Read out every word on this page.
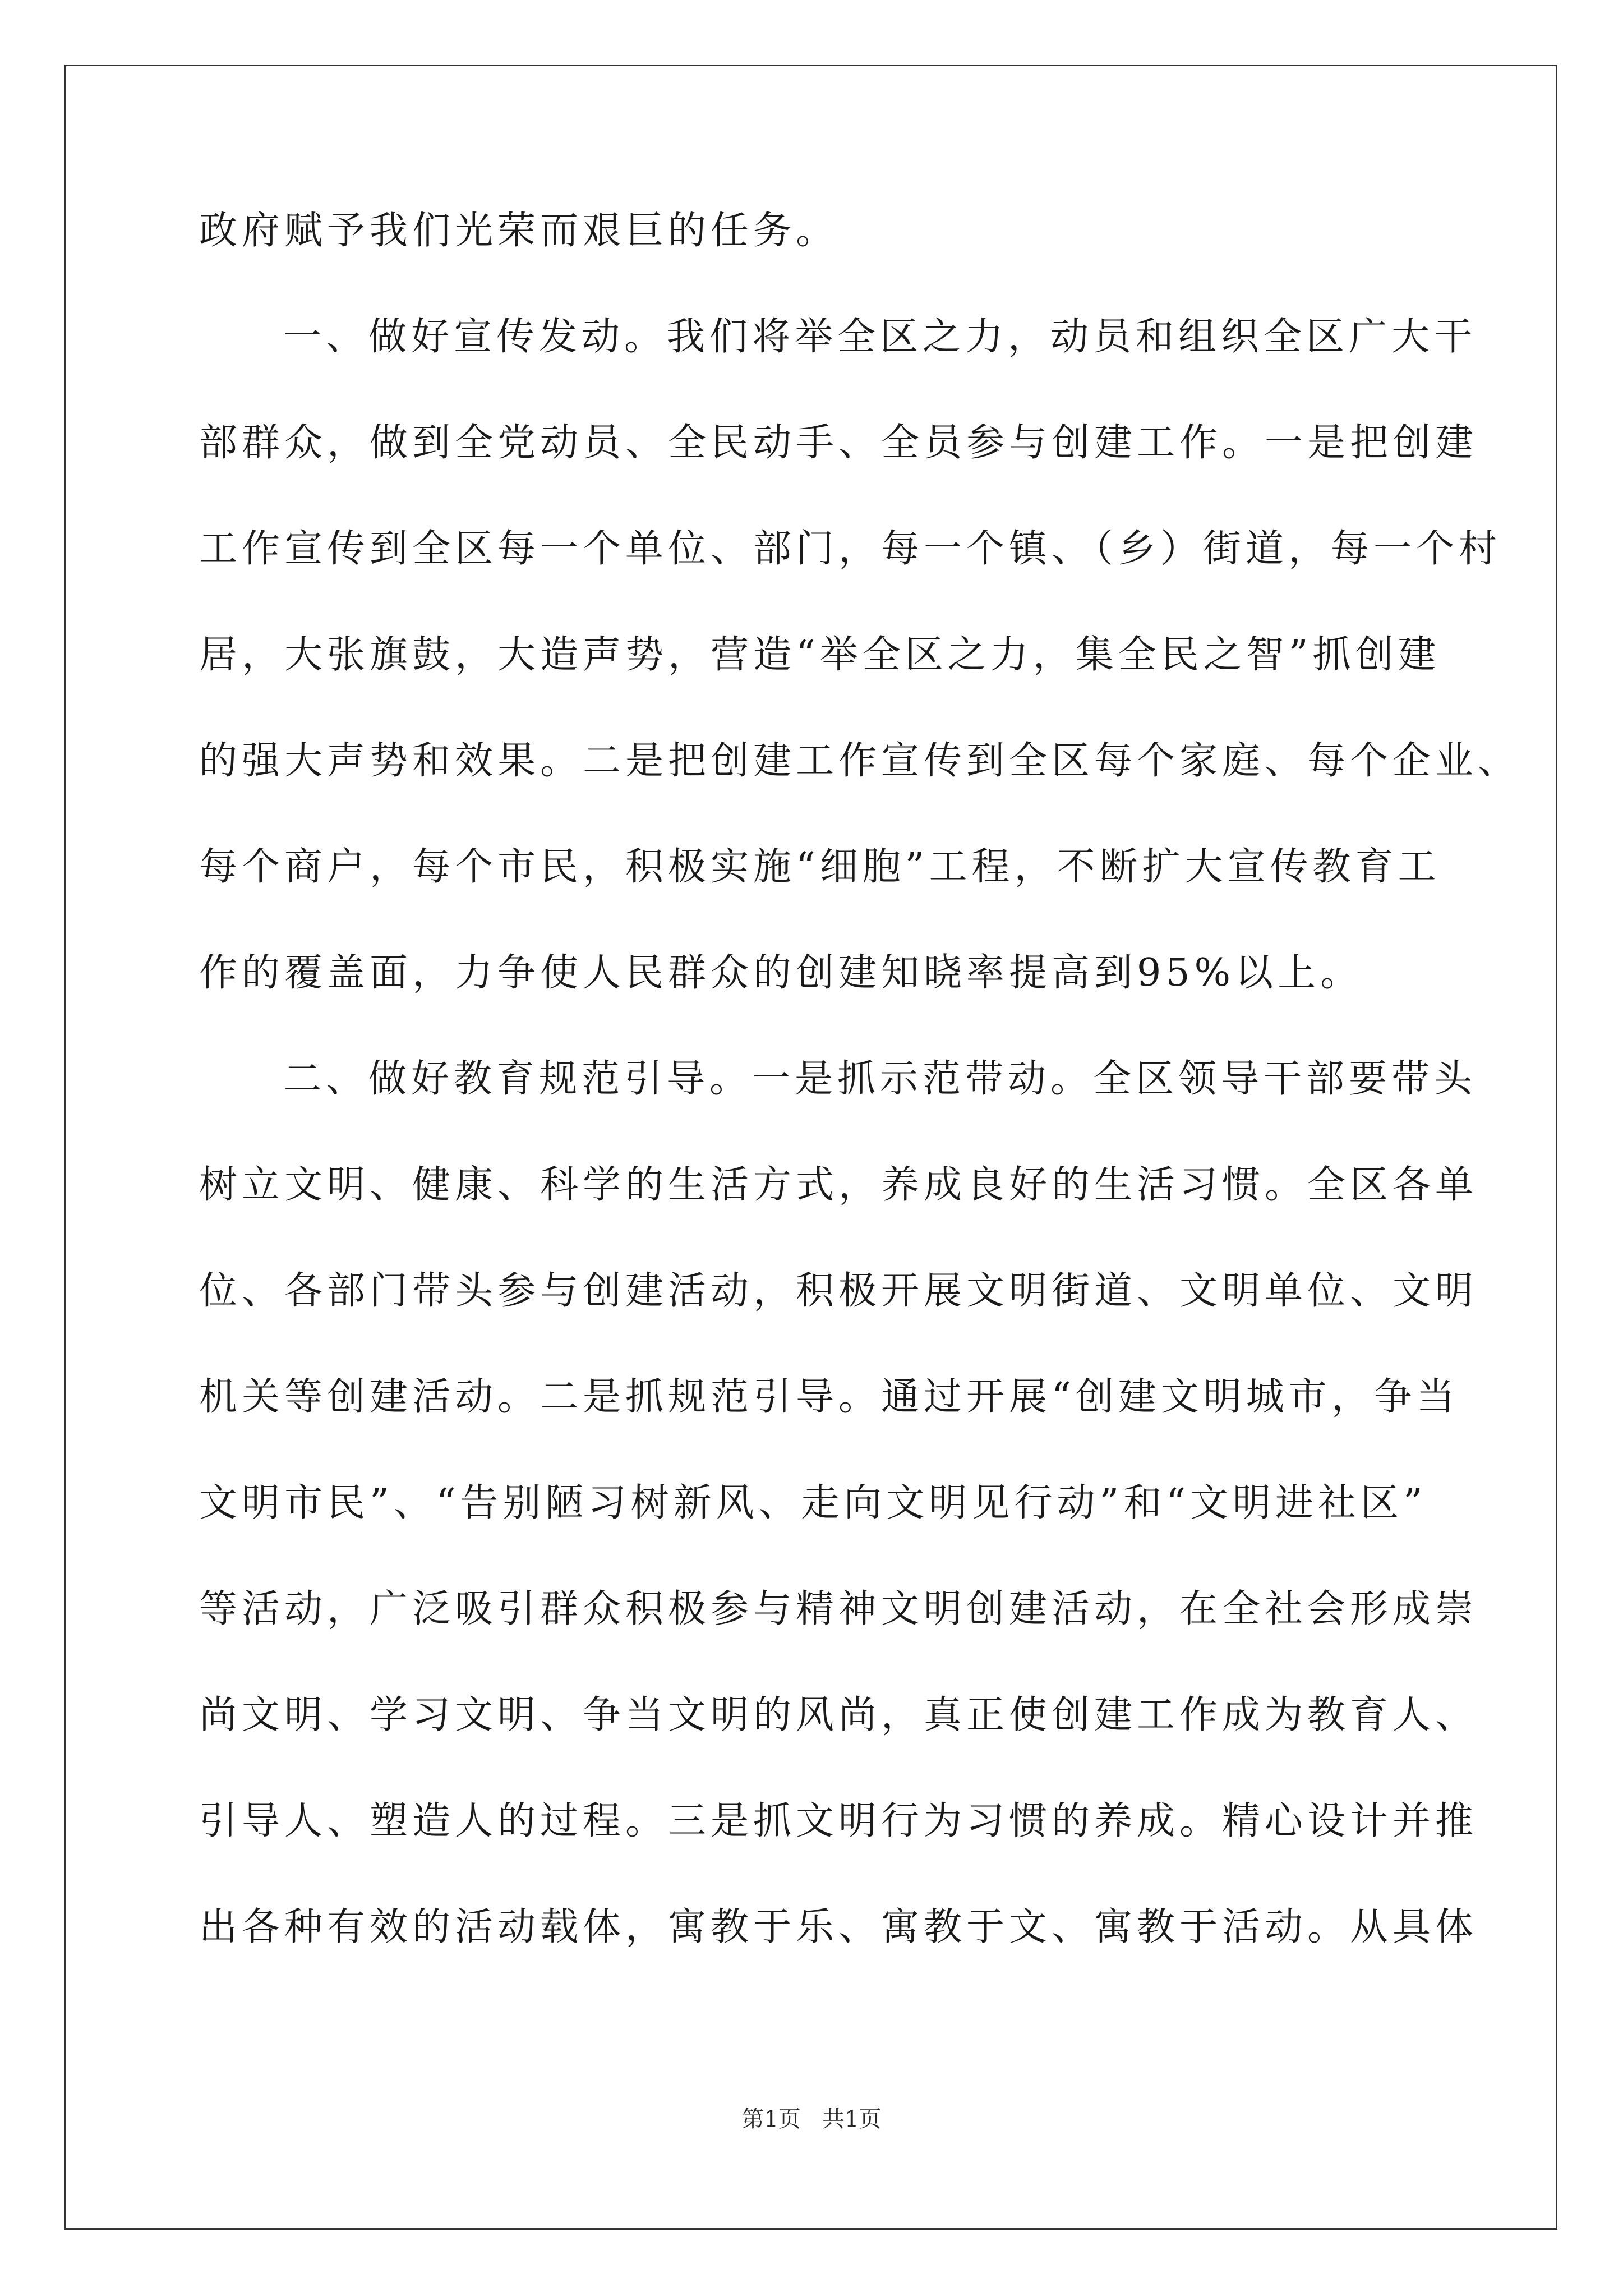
政府赋予我们光荣而艰巨的任务。
一、做好宣传发动。我们将举全区之力，动员和组织全区广大干
部群众，做到全党动员、全民动手、全员参与创建工作。一是把创建
工作宣传到全区每一个单位、部门，每一个镇、（乡）街道，每一个村
居，大张旗鼓，大造声势，营造“举全区之力，集全民之智”抓创建
的强大声势和效果。二是把创建工作宣传到全区每个家庭、每个企业、
每个商户，每个市民，积极实施“细胞”工程，不断扩大宣传教育工
作的覆盖面，力争使人民群众的创建知晓率提高到95%以上。
二、做好教育规范引导。一是抓示范带动。全区领导干部要带头
树立文明、健康、科学的生活方式，养成良好的生活习惯。全区各单
位、各部门带头参与创建活动，积极开展文明街道、文明单位、文明
机关等创建活动。二是抓规范引导。通过开展“创建文明城市，争当
文明市民”、“告别陋习树新风、走向文明见行动”和“文明进社区”
等活动，广泛吸引群众积极参与精神文明创建活动，在全社会形成崇
尚文明、学习文明、争当文明的风尚，真正使创建工作成为教育人、
引导人、塑造人的过程。三是抓文明行为习惯的养成。精心设计并推
出各种有效的活动载体，寓教于乐、寓教于文、寓教于活动。从具体
第1页   共1页
